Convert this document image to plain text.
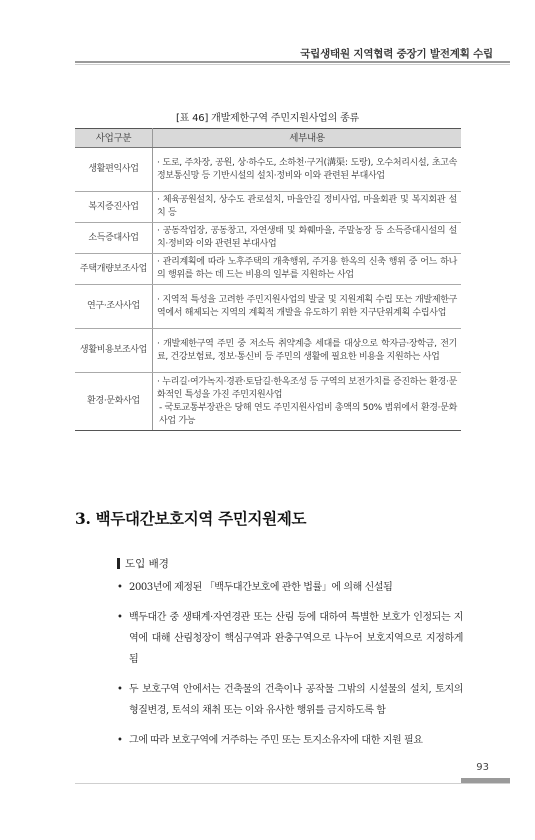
국립생태원 지역협력 중장기 발전계획 수립
[표 46] 개발제한구역 주민지원사업의 종류
사업구분	세부내용
생활편익사업	· 도로, 주차장, 공원, 상·하수도, 소하천·구거(溝渠: 도랑), 오수처리시설, 초고속정보통신망 등 기반시설의 설치·정비와 이와 관련된 부대사업
복지증진사업	· 체육공원설치, 상수도 관로설치, 마을안길 정비사업, 마을회관 및 복지회관 설치 등
소득증대사업	· 공동작업장, 공동창고, 자연생태 및 화훼마을, 주말농장 등 소득증대시설의 설치·정비와 이와 관련된 부대사업
주택개량보조사업	· 관리계획에 따라 노후주택의 개축행위, 주거용 한옥의 신축 행위 중 어느 하나의 행위를 하는 데 드는 비용의 일부를 지원하는 사업
연구·조사사업	· 지역적 특성을 고려한 주민지원사업의 발굴 및 지원계획 수립 또는 개발제한구역에서 해제되는 지역의 계획적 개발을 유도하기 위한 지구단위계획 수립사업
생활비용보조사업	· 개발제한구역 주민 중 저소득 취약계층 세대를 대상으로 학자금·장학금, 전기료, 건강보험료, 정보·통신비 등 주민의 생활에 필요한 비용을 지원하는 사업
환경·문화사업	· 누리길·여가녹지·경관·토담길·한옥조성 등 구역의 보전가치를 증진하는 환경·문화적인 특성을 가진 주민지원사업
- 국토교통부장관은 당해 연도 주민지원사업비 총액의 50% 범위에서 환경·문화사업 가능
3. 백두대간보호지역 주민지원제도
도입 배경
• 2003년에 제정된 「백두대간보호에 관한 법률」에 의해 신설됨
• 백두대간 중 생태계·자연경관 또는 산림 등에 대하여 특별한 보호가 인정되는 지역에 대해 산림청장이 핵심구역과 완충구역으로 나누어 보호지역으로 지정하게 됨
• 두 보호구역 안에서는 건축물의 건축이나 공작물 그밖의 시설물의 설치, 토지의 형질변경, 토석의 채취 또는 이와 유사한 행위를 금지하도록 함
• 그에 따라 보호구역에 거주하는 주민 또는 토지소유자에 대한 지원 필요
93
